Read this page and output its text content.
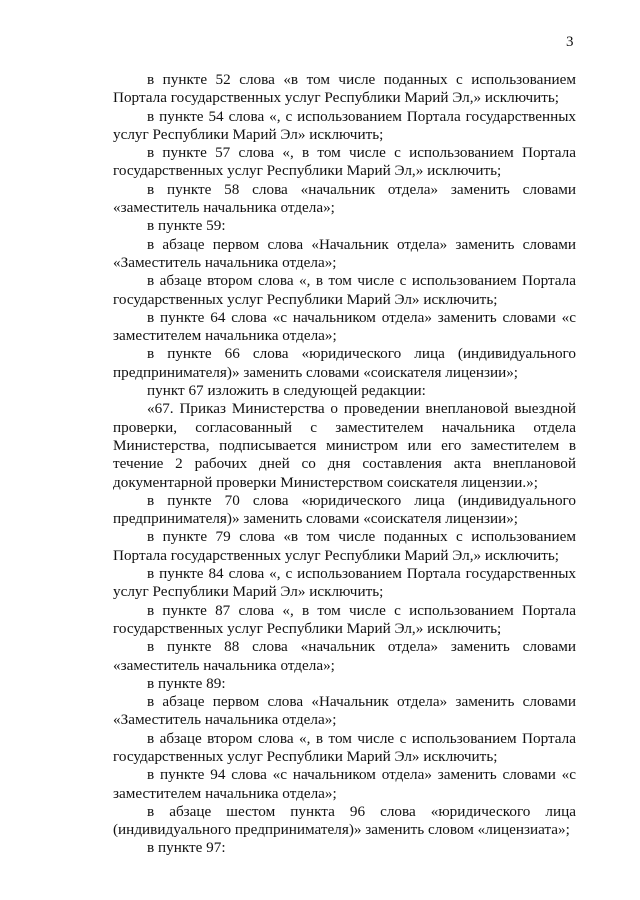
3

в пункте 52 слова «в том числе поданных с использованием Портала государственных услуг Республики Марий Эл,» исключить;

в пункте 54 слова «, с использованием Портала государственных услуг Республики Марий Эл» исключить;

в пункте 57 слова «, в том числе с использованием Портала государственных услуг Республики Марий Эл,» исключить;

в пункте 58 слова «начальник отдела» заменить словами «заместитель начальника отдела»;

в пункте 59:

в абзаце первом слова «Начальник отдела» заменить словами «Заместитель начальника отдела»;

в абзаце втором слова «, в том числе с использованием Портала государственных услуг Республики Марий Эл» исключить;

в пункте 64 слова «с начальником отдела» заменить словами «с заместителем начальника отдела»;

в пункте 66 слова «юридического лица (индивидуального предпринимателя)» заменить словами «соискателя лицензии»;

пункт 67 изложить в следующей редакции:

«67. Приказ Министерства о проведении внеплановой выездной проверки, согласованный с заместителем начальника отдела Министерства, подписывается министром или его заместителем в течение 2 рабочих дней со дня составления акта внеплановой документарной проверки Министерством соискателя лицензии.»;

в пункте 70 слова «юридического лица (индивидуального предпринимателя)» заменить словами «соискателя лицензии»;

в пункте 79 слова «в том числе поданных с использованием Портала государственных услуг Республики Марий Эл,» исключить;

в пункте 84 слова «, с использованием Портала государственных услуг Республики Марий Эл» исключить;

в пункте 87 слова «, в том числе с использованием Портала государственных услуг Республики Марий Эл,» исключить;

в пункте 88 слова «начальник отдела» заменить словами «заместитель начальника отдела»;

в пункте 89:

в абзаце первом слова «Начальник отдела» заменить словами «Заместитель начальника отдела»;

в абзаце втором слова «, в том числе с использованием Портала государственных услуг Республики Марий Эл» исключить;

в пункте 94 слова «с начальником отдела» заменить словами «с заместителем начальника отдела»;

в абзаце шестом пункта 96 слова «юридического лица (индивидуального предпринимателя)» заменить словом «лицензиата»;

в пункте 97:
